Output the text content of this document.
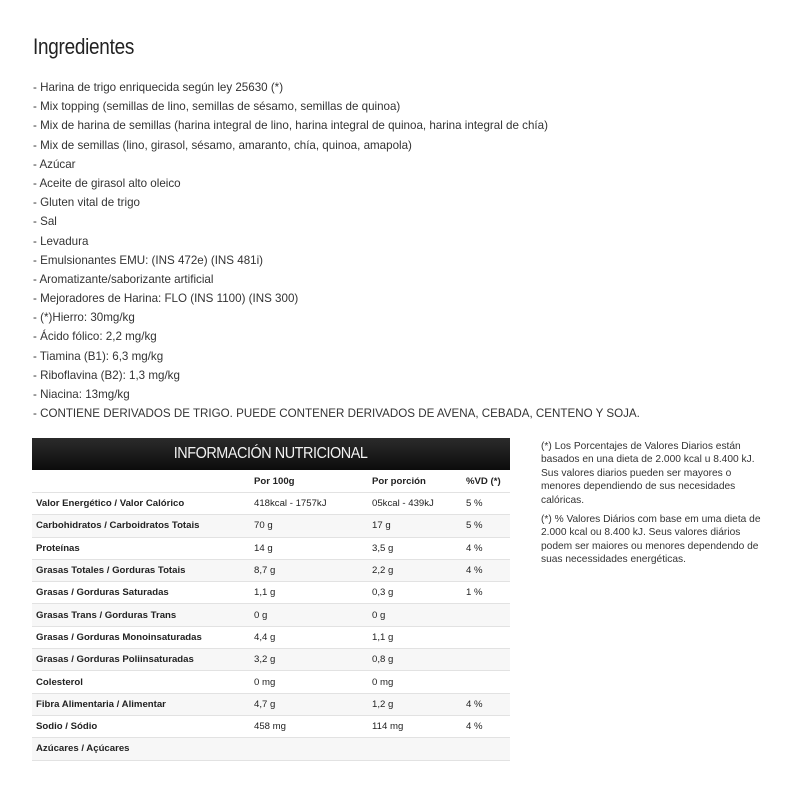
Ingredientes
- Harina de trigo enriquecida según ley 25630 (*)
- Mix topping (semillas de lino, semillas de sésamo, semillas de quinoa)
- Mix de harina de semillas (harina integral de lino, harina integral de quinoa, harina integral de chía)
- Mix de semillas (lino, girasol, sésamo, amaranto, chía, quinoa, amapola)
- Azúcar
- Aceite de girasol alto oleico
- Gluten vital de trigo
- Sal
- Levadura
- Emulsionantes EMU: (INS 472e) (INS 481i)
- Aromatizante/saborizante artificial
- Mejoradores de Harina: FLO (INS 1100) (INS 300)
- (*)Hierro: 30mg/kg
- Ácido fólico: 2,2 mg/kg
- Tiamina (B1): 6,3 mg/kg
- Riboflavina (B2): 1,3 mg/kg
- Niacina: 13mg/kg
- CONTIENE DERIVADOS DE TRIGO. PUEDE CONTENER DERIVADOS DE AVENA, CEBADA, CENTENO Y SOJA.
INFORMACIÓN NUTRICIONAL
	Por 100g	Por porción	%VD (*)
Valor Energético / Valor Calórico	418kcal - 1757kJ	05kcal - 439kJ	5 %
Carbohidratos / Carboidratos Totais	70 g	17 g	5 %
Proteínas	14 g	3,5 g	4 %
Grasas Totales / Gorduras Totais	8,7 g	2,2 g	4 %
Grasas / Gorduras Saturadas	1,1 g	0,3 g	1 %
Grasas Trans / Gorduras Trans	0 g	0 g	
Grasas / Gorduras Monoinsaturadas	4,4 g	1,1 g	
Grasas / Gorduras Poliinsaturadas	3,2 g	0,8 g	
Colesterol	0 mg	0 mg	
Fibra Alimentaria / Alimentar	4,7 g	1,2 g	4 %
Sodio / Sódio	458 mg	114 mg	4 %
Azúcares / Açúcares			

(*) Los Porcentajes de Valores Diarios están basados en una dieta de 2.000 kcal u 8.400 kJ. Sus valores diarios pueden ser mayores o menores dependiendo de sus necesidades calóricas.

(*) % Valores Diários com base em uma dieta de 2.000 kcal ou 8.400 kJ. Seus valores diários podem ser maiores ou menores dependendo de suas necessidades energéticas.
